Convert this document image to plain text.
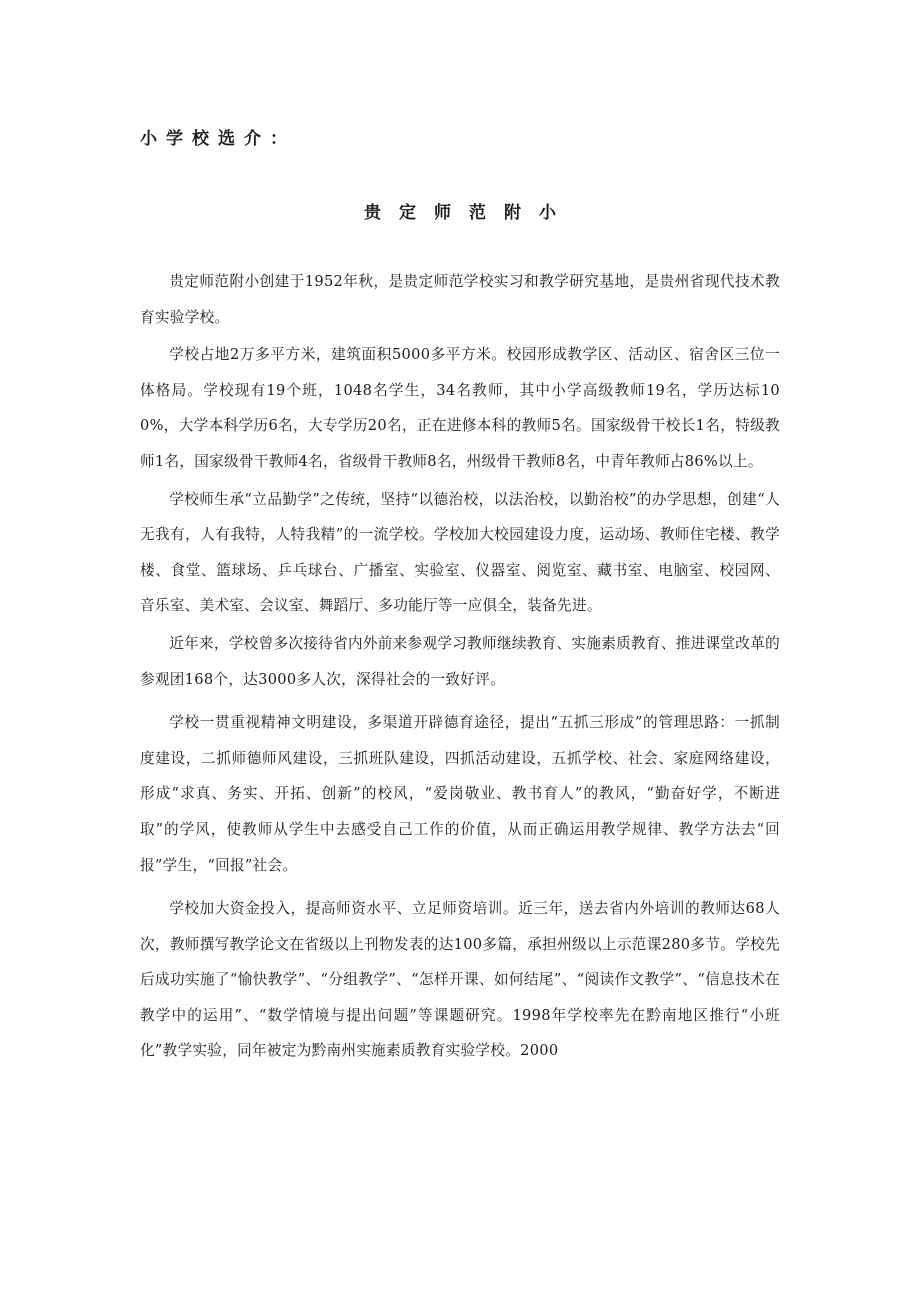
小学校选介：
贵定师范附小

贵定师范附小创建于1952年秋，是贵定师范学校实习和教学研究基地，是贵州省现代技术教育实验学校。

学校占地2万多平方米，建筑面积5000多平方米。校园形成教学区、活动区、宿舍区三位一体格局。学校现有19个班，1048名学生，34名教师，其中小学高级教师19名，学历达标100%，大学本科学历6名，大专学历20名，正在进修本科的教师5名。国家级骨干校长1名，特级教师1名，国家级骨干教师4名，省级骨干教师8名，州级骨干教师8名，中青年教师占86%以上。

学校师生承“立品勤学”之传统，坚持“以德治校，以法治校，以勤治校”的办学思想，创建“人无我有，人有我特，人特我精”的一流学校。学校加大校园建设力度，运动场、教师住宅楼、教学楼、食堂、篮球场、乒乓球台、广播室、实验室、仪器室、阅览室、藏书室、电脑室、校园网、音乐室、美术室、会议室、舞蹈厅、多功能厅等一应俱全，装备先进。

近年来，学校曾多次接待省内外前来参观学习教师继续教育、实施素质教育、推进课堂改革的参观团168个，达3000多人次，深得社会的一致好评。

学校一贯重视精神文明建设，多渠道开辟德育途径，提出“五抓三形成”的管理思路：一抓制度建设，二抓师德师风建设，三抓班队建设，四抓活动建设，五抓学校、社会、家庭网络建设，形成“求真、务实、开拓、创新”的校风，“爱岗敬业、教书育人”的教风，“勤奋好学，不断进取”的学风，使教师从学生中去感受自己工作的价值，从而正确运用教学规律、教学方法去“回报”学生，“回报”社会。

学校加大资金投入，提高师资水平、立足师资培训。近三年，送去省内外培训的教师达68人次，教师撰写教学论文在省级以上刊物发表的达100多篇，承担州级以上示范课280多节。学校先后成功实施了“愉快教学”、“分组教学”、“怎样开课、如何结尾”、“阅读作文教学”、“信息技术在教学中的运用”、“数学情境与提出问题”等课题研究。1998年学校率先在黔南地区推行“小班化”教学实验，同年被定为黔南州实施素质教育实验学校。2000
